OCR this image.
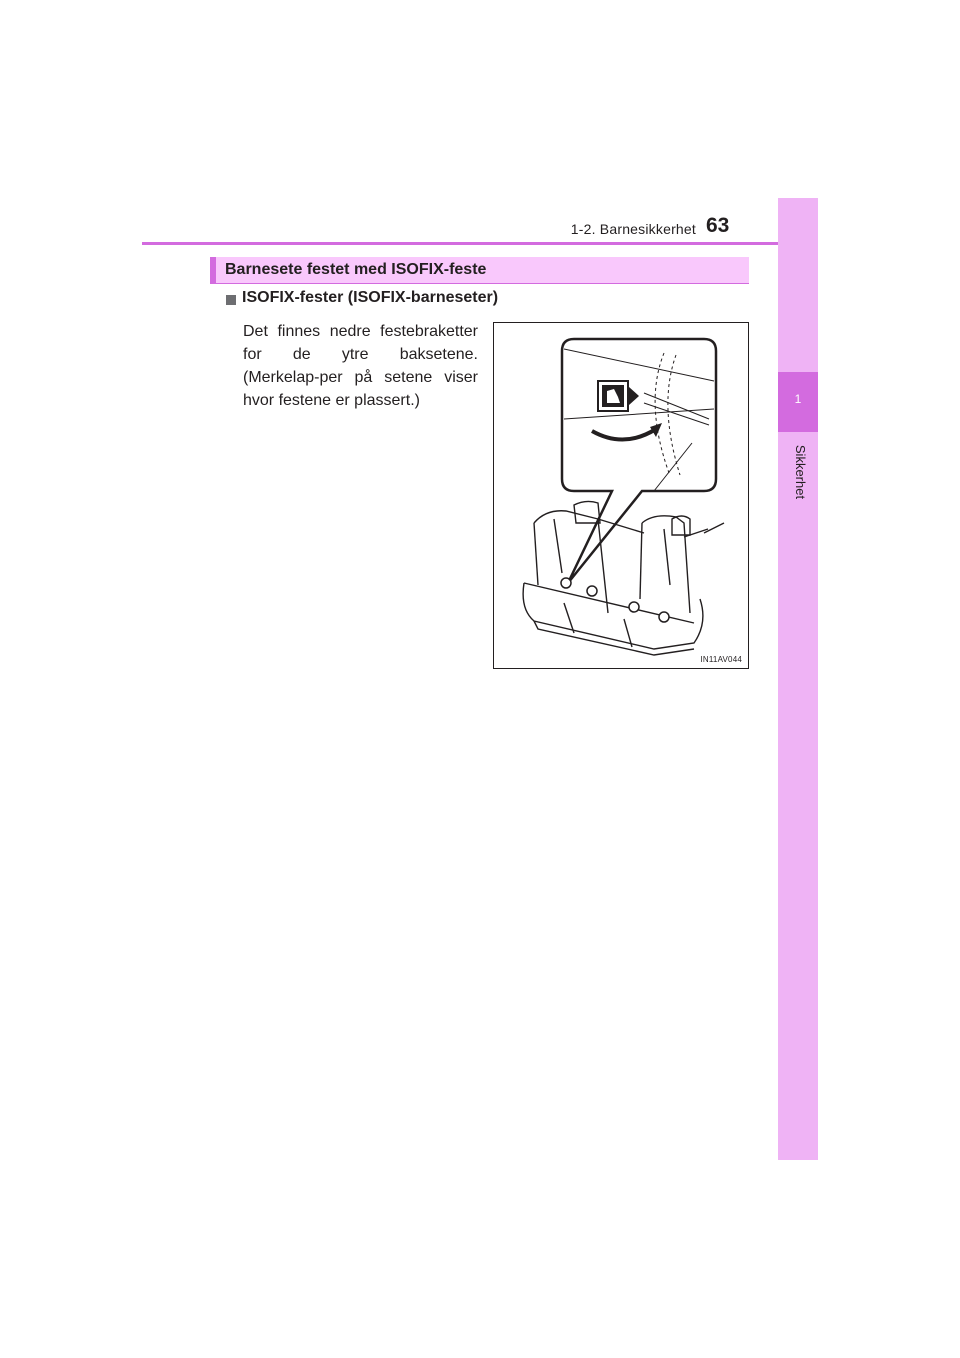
1-2. Barnesikkerhet 63
1
Sikkerhet
Barnesete festet med ISOFIX-feste
ISOFIX-fester (ISOFIX-barneseter)
Det finnes nedre festebraketter for de ytre baksetene. (Merkelap-per på setene viser hvor festene er plassert.)
IN11AV044
